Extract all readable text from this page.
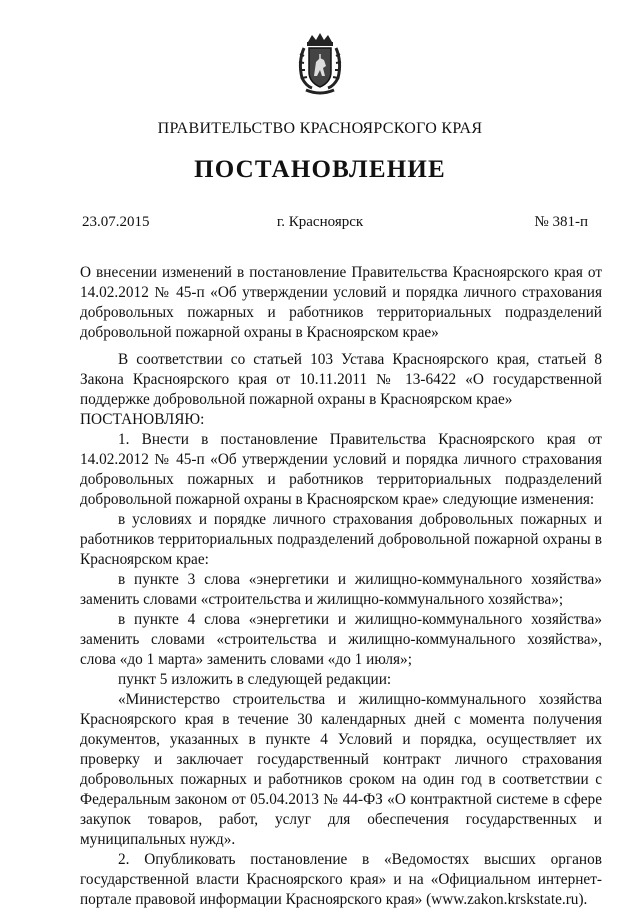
ПРАВИТЕЛЬСТВО КРАСНОЯРСКОГО КРАЯ
ПОСТАНОВЛЕНИЕ
23.07.2015	г. Красноярск	№ 381-п

О внесении изменений в постановление Правительства Красноярского края от 14.02.2012 № 45-п «Об утверждении условий и порядка личного страхования добровольных пожарных и работников территориальных подразделений добровольной пожарной охраны в Красноярском крае»

В соответствии со статьей 103 Устава Красноярского края, статьей 8 Закона Красноярского края от 10.11.2011 № 13-6422 «О государственной поддержке добровольной пожарной охраны в Красноярском крае»

ПОСТАНОВЛЯЮ:

1. Внести в постановление Правительства Красноярского края от 14.02.2012 № 45-п «Об утверждении условий и порядка личного страхования добровольных пожарных и работников территориальных подразделений добровольной пожарной охраны в Красноярском крае» следующие изменения:

в условиях и порядке личного страхования добровольных пожарных и работников территориальных подразделений добровольной пожарной охраны в Красноярском крае:

в пункте 3 слова «энергетики и жилищно-коммунального хозяйства» заменить словами «строительства и жилищно-коммунального хозяйства»;

в пункте 4 слова «энергетики и жилищно-коммунального хозяйства» заменить словами «строительства и жилищно-коммунального хозяйства», слова «до 1 марта» заменить словами «до 1 июля»;

пункт 5 изложить в следующей редакции:

«Министерство строительства и жилищно-коммунального хозяйства Красноярского края в течение 30 календарных дней с момента получения документов, указанных в пункте 4 Условий и порядка, осуществляет их проверку и заключает государственный контракт личного страхования добровольных пожарных и работников сроком на один год в соответствии с Федеральным законом от 05.04.2013 № 44-ФЗ «О контрактной системе в сфере закупок товаров, работ, услуг для обеспечения государственных и муниципальных нужд».

2. Опубликовать постановление в «Ведомостях высших органов государственной власти Красноярского края» и на «Официальном интернет-портале правовой информации Красноярского края» (www.zakon.krskstate.ru).
